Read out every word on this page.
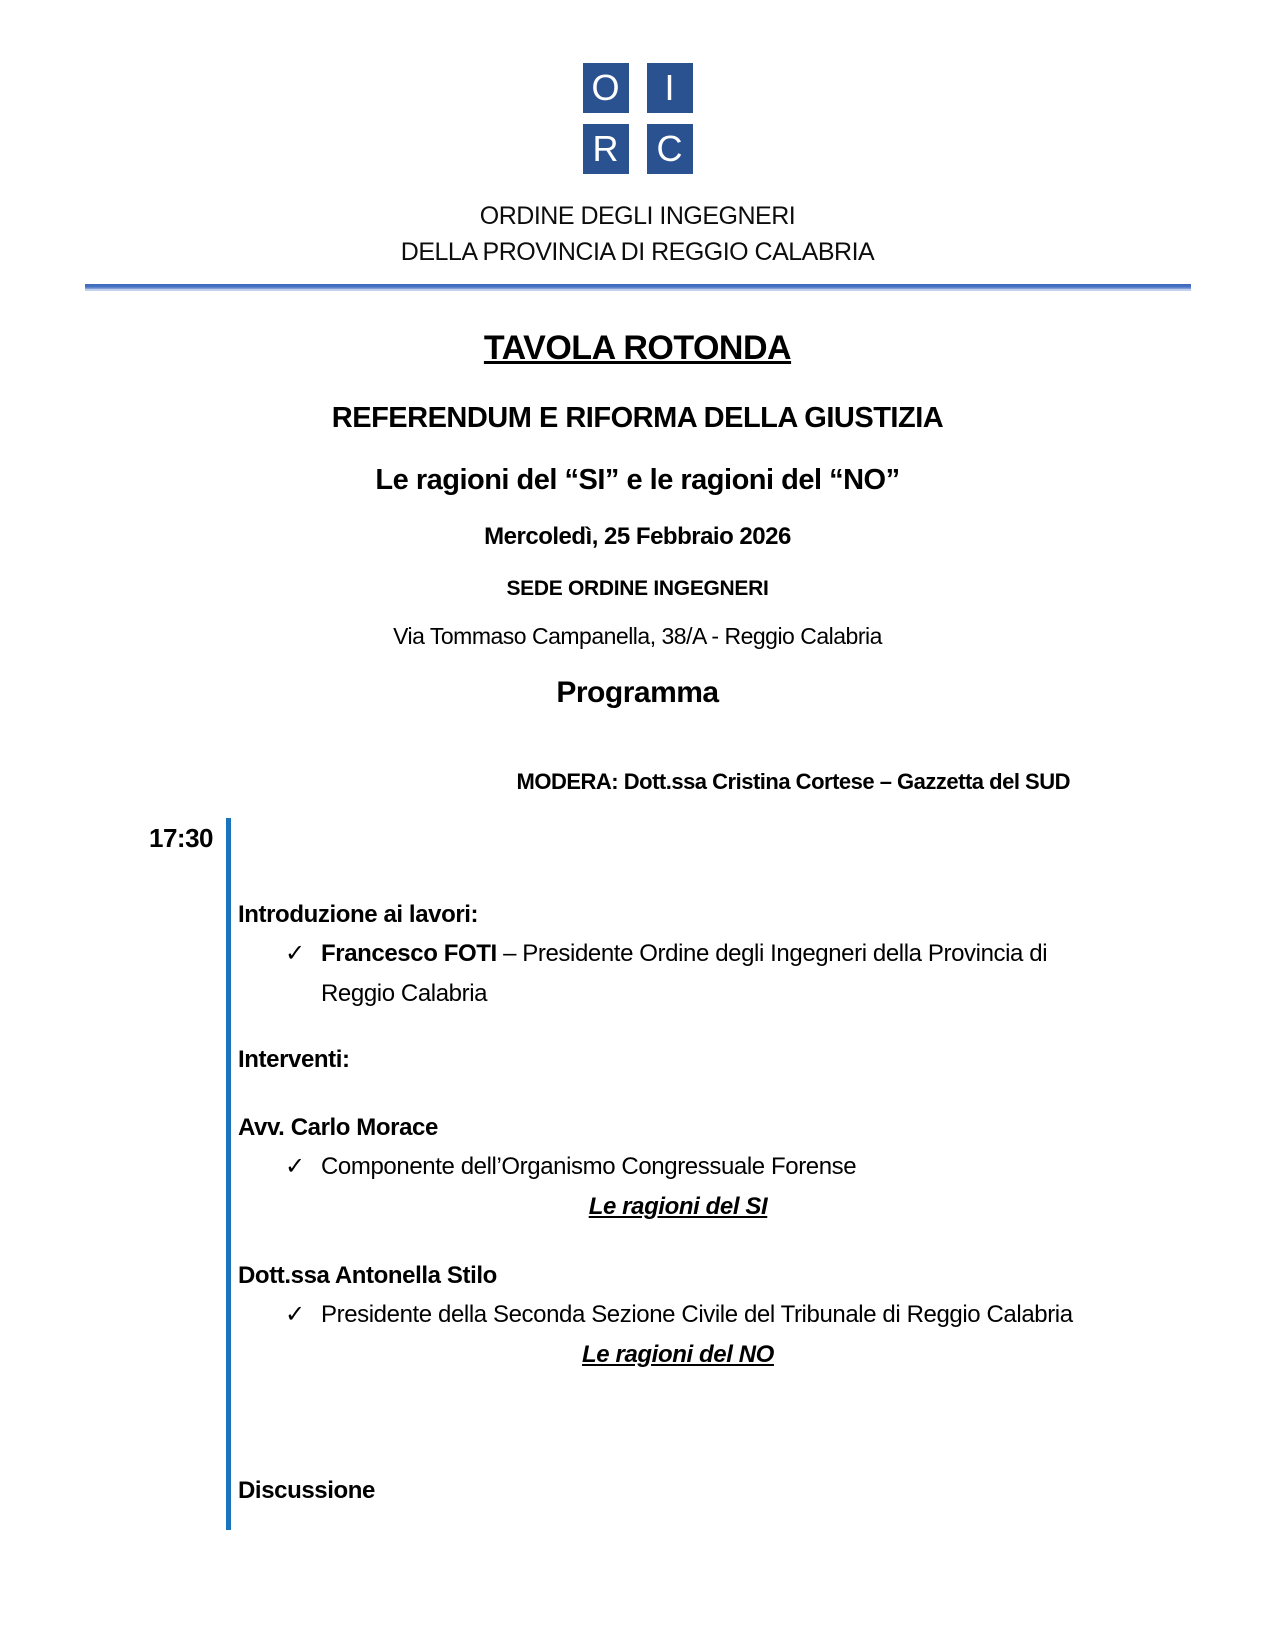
O	I
R C
ORDINE DEGLI INGEGNERI
DELLA PROVINCIA DI REGGIO CALABRIA
TAVOLA ROTONDA
REFERENDUM E RIFORMA DELLA GIUSTIZIA
Le ragioni del “SI” e le ragioni del “NO”
Mercoledì, 25 Febbraio 2026
SEDE ORDINE INGEGNERI
Via Tommaso Campanella, 38/A - Reggio Calabria
Programma
MODERA: Dott.ssa Cristina Cortese – Gazzetta del SUD
17:30

Introduzione ai lavori:

✓ Francesco FOTI – Presidente Ordine degli Ingegneri della Provincia di Reggio Calabria

Interventi:

Avv. Carlo Morace

✓ Componente dell’Organismo Congressuale Forense

Le ragioni del SI

Dott.ssa Antonella Stilo

✓ Presidente della Seconda Sezione Civile del Tribunale di Reggio Calabria

Le ragioni del NO

Discussione
